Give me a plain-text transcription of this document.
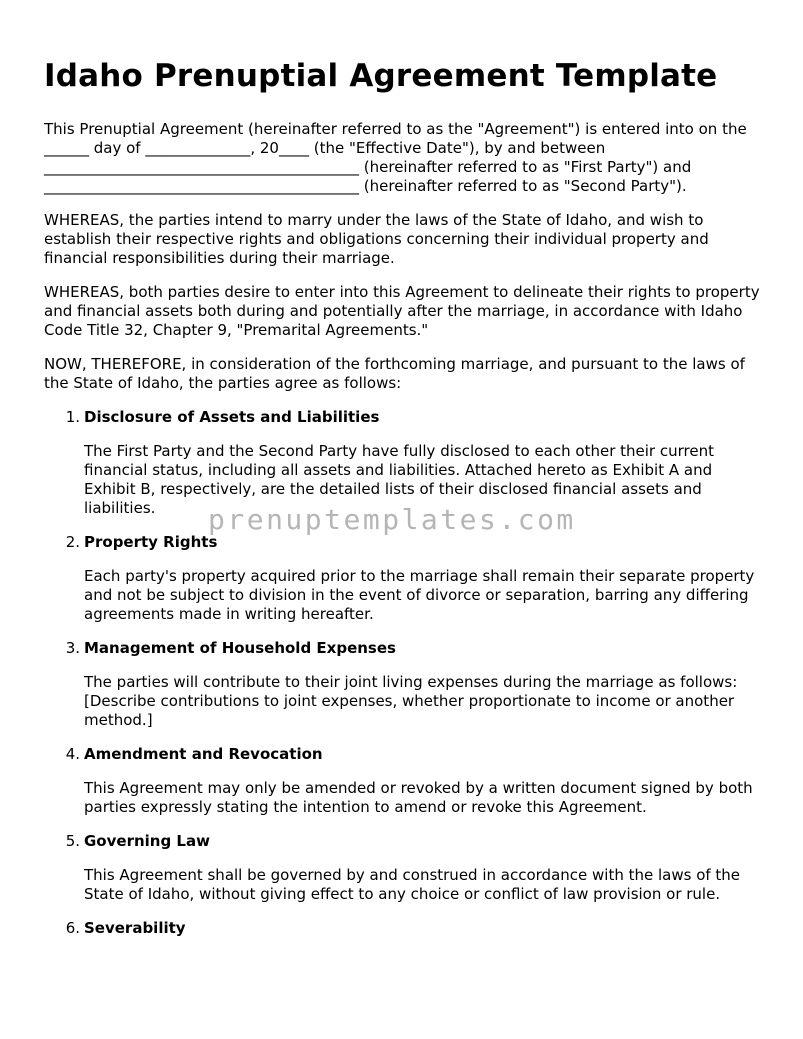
Idaho Prenuptial Agreement Template

This Prenuptial Agreement (hereinafter referred to as the "Agreement") is entered into on the ______ day of ______________, 20____ (the "Effective Date"), by and between __________________________________________ (hereinafter referred to as "First Party") and __________________________________________ (hereinafter referred to as "Second Party").

WHEREAS, the parties intend to marry under the laws of the State of Idaho, and wish to establish their respective rights and obligations concerning their individual property and financial responsibilities during their marriage.

WHEREAS, both parties desire to enter into this Agreement to delineate their rights to property and financial assets both during and potentially after the marriage, in accordance with Idaho Code Title 32, Chapter 9, "Premarital Agreements."

NOW, THEREFORE, in consideration of the forthcoming marriage, and pursuant to the laws of the State of Idaho, the parties agree as follows:

1. Disclosure of Assets and Liabilities
The First Party and the Second Party have fully disclosed to each other their current financial status, including all assets and liabilities. Attached hereto as Exhibit A and Exhibit B, respectively, are the detailed lists of their disclosed financial assets and liabilities.
2. Property Rights
Each party's property acquired prior to the marriage shall remain their separate property and not be subject to division in the event of divorce or separation, barring any differing agreements made in writing hereafter.
3. Management of Household Expenses
The parties will contribute to their joint living expenses during the marriage as follows: [Describe contributions to joint expenses, whether proportionate to income or another method.]
4. Amendment and Revocation
This Agreement may only be amended or revoked by a written document signed by both parties expressly stating the intention to amend or revoke this Agreement.
5. Governing Law
This Agreement shall be governed by and construed in accordance with the laws of the State of Idaho, without giving effect to any choice or conflict of law provision or rule.
6. Severability
prenuptemplates.com
